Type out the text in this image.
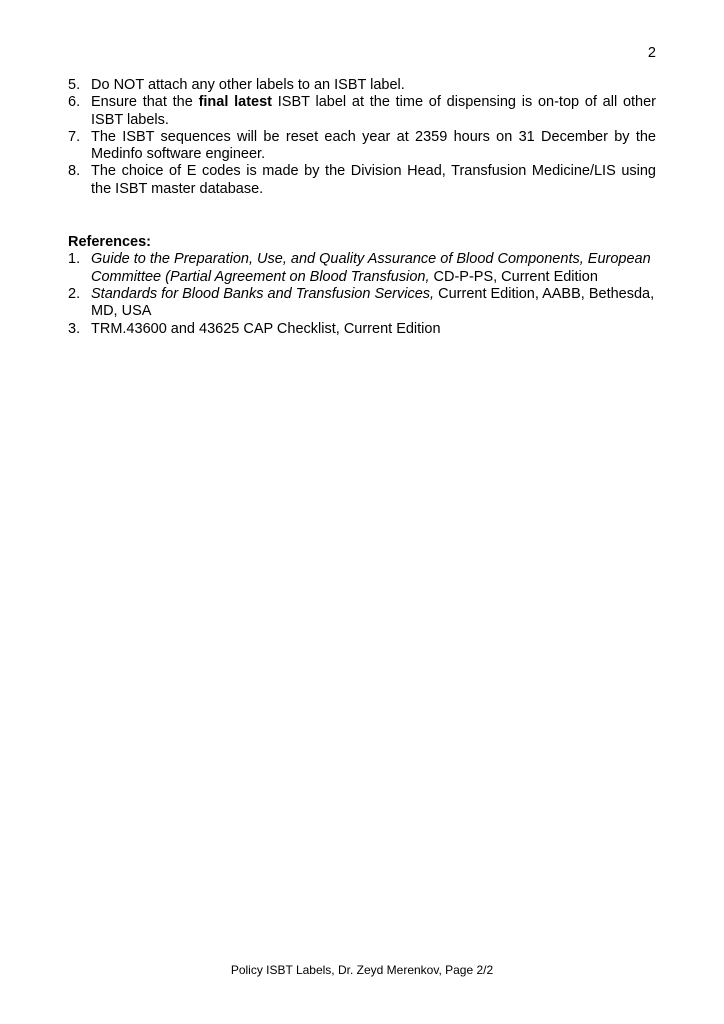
2
5. Do NOT attach any other labels to an ISBT label.
6. Ensure that the final latest ISBT label at the time of dispensing is on-top of all other ISBT labels.
7. The ISBT sequences will be reset each year at 2359 hours on 31 December by the Medinfo software engineer.
8. The choice of E codes is made by the Division Head, Transfusion Medicine/LIS using the ISBT master database.
References:
1. Guide to the Preparation, Use, and Quality Assurance of Blood Components, European Committee (Partial Agreement on Blood Transfusion, CD-P-PS, Current Edition
2. Standards for Blood Banks and Transfusion Services, Current Edition, AABB, Bethesda, MD, USA
3. TRM.43600 and 43625 CAP Checklist, Current Edition
Policy ISBT Labels, Dr. Zeyd Merenkov, Page 2/2
